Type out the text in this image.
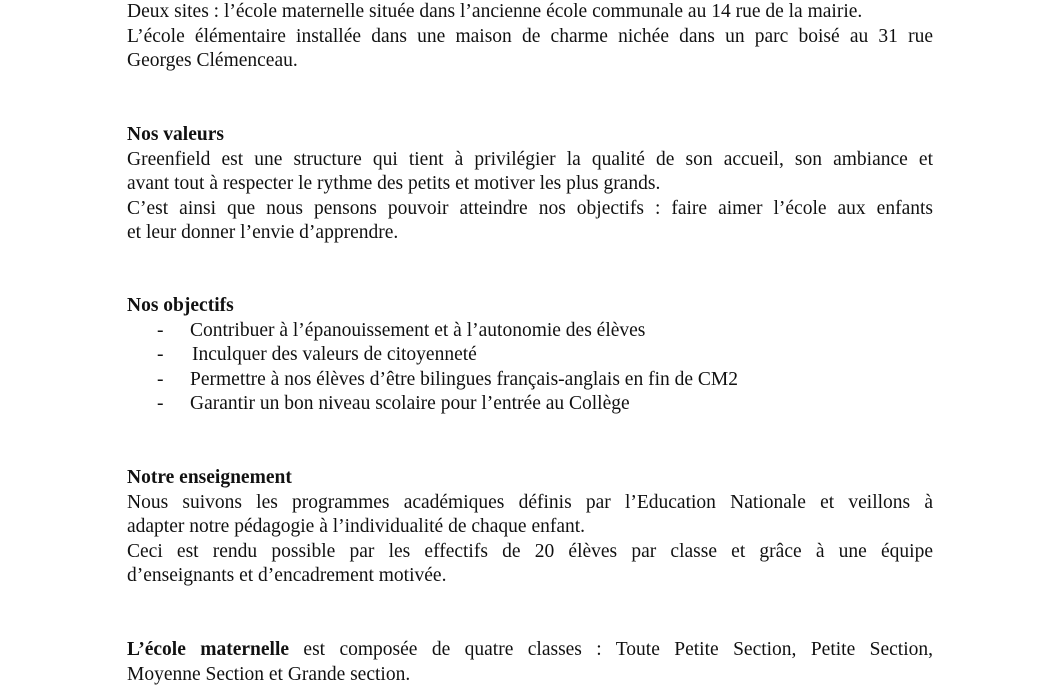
Deux sites : l’école maternelle située dans l’ancienne école communale au 14 rue de la mairie.
L’école élémentaire installée dans une maison de charme nichée dans un parc boisé au 31 rue
Georges Clémenceau.
Nos valeurs
Greenfield est une structure qui tient à privilégier la qualité de son accueil, son ambiance et
avant tout à respecter le rythme des petits et motiver les plus grands.
C’est ainsi que nous pensons pouvoir atteindre nos objectifs : faire aimer l’école aux enfants
et leur donner l’envie d’apprendre.
Nos objectifs
- Contribuer à l’épanouissement et à l’autonomie des élèves
- Inculquer des valeurs de citoyenneté
- Permettre à nos élèves d’être bilingues français-anglais en fin de CM2
- Garantir un bon niveau scolaire pour l’entrée au Collège
Notre enseignement
Nous suivons les programmes académiques définis par l’Education Nationale et veillons à
adapter notre pédagogie à l’individualité de chaque enfant.
Ceci est rendu possible par les effectifs de 20 élèves par classe et grâce à une équipe
d’enseignants et d’encadrement motivée.
L’école maternelle est composée de quatre classes : Toute Petite Section, Petite Section,
Moyenne Section et Grande section.
